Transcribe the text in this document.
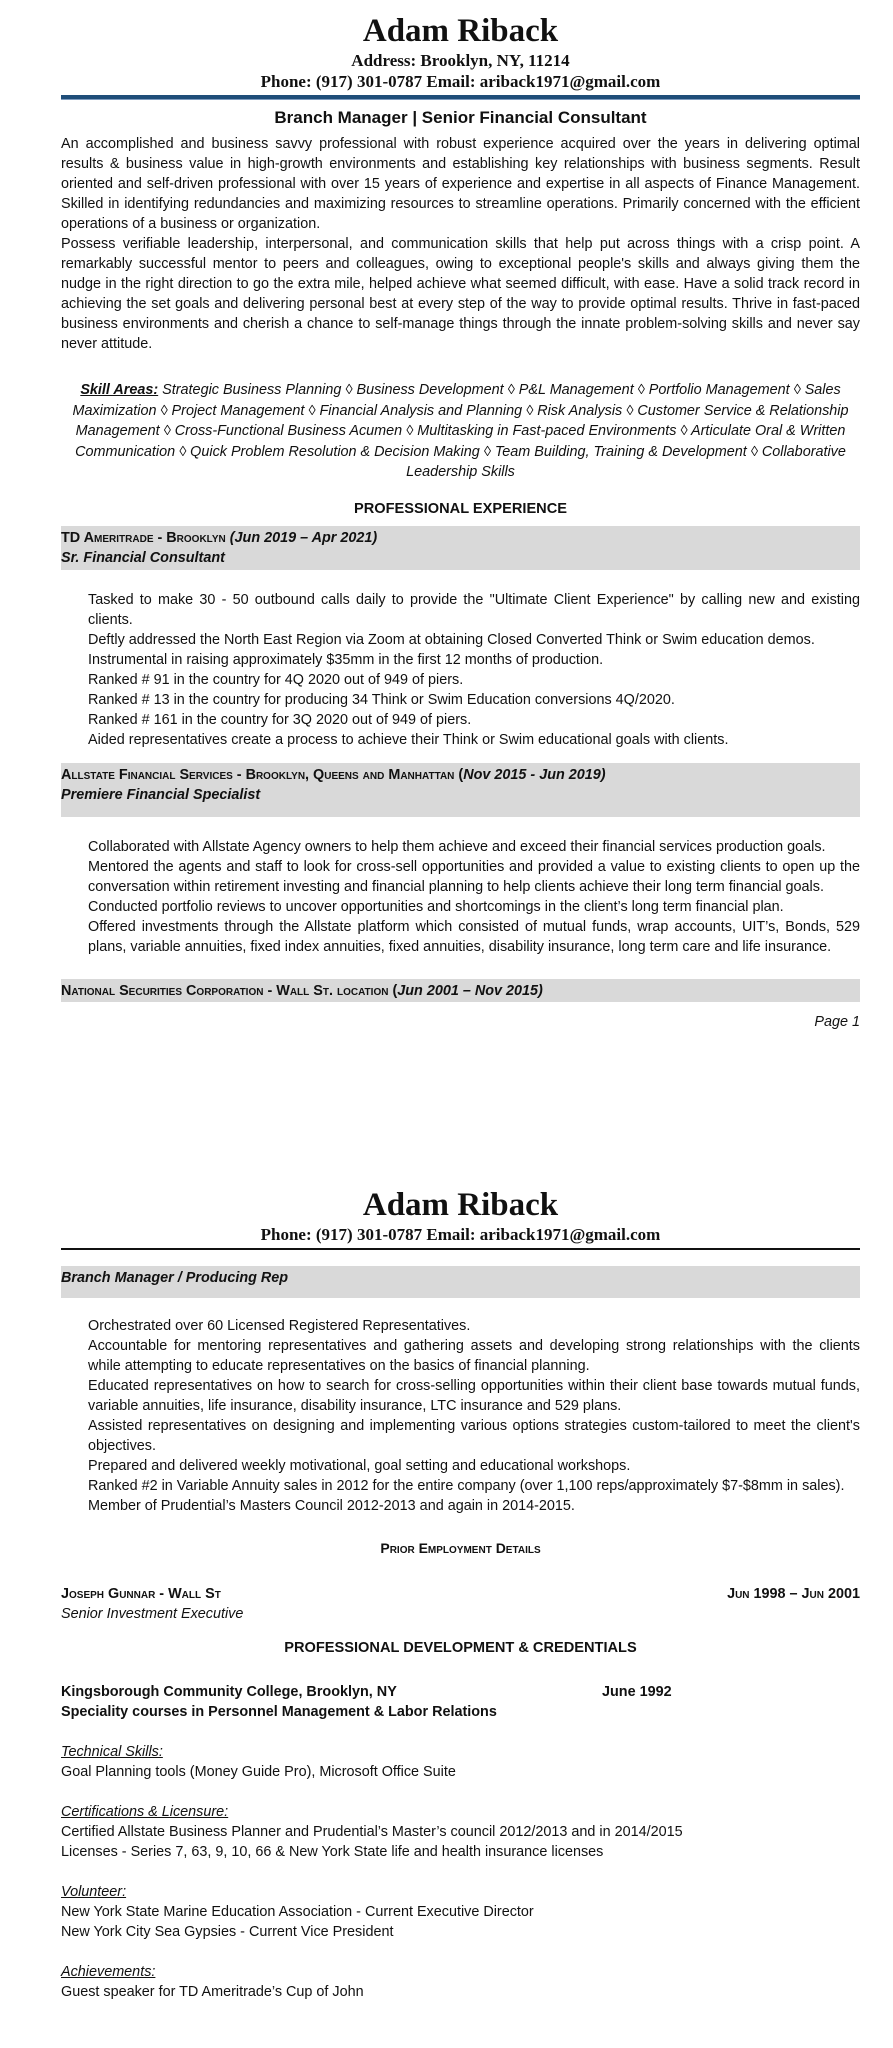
Adam Riback

Address: Brooklyn, NY, 11214

Phone: (917) 301-0787 Email: ariback1971@gmail.com

Branch Manager | Senior Financial Consultant

An accomplished and business savvy professional with robust experience acquired over the years in delivering optimal results & business value in high-growth environments and establishing key relationships with business segments. Result oriented and self-driven professional with over 15 years of experience and expertise in all aspects of Finance Management. Skilled in identifying redundancies and maximizing resources to streamline operations. Primarily concerned with the efficient operations of a business or organization.

Possess verifiable leadership, interpersonal, and communication skills that help put across things with a crisp point. A remarkably successful mentor to peers and colleagues, owing to exceptional people's skills and always giving them the nudge in the right direction to go the extra mile, helped achieve what seemed difficult, with ease. Have a solid track record in achieving the set goals and delivering personal best at every step of the way to provide optimal results. Thrive in fast-paced business environments and cherish a chance to self-manage things through the innate problem-solving skills and never say never attitude.

Skill Areas: Strategic Business Planning ◊ Business Development ◊ P&L Management ◊ Portfolio Management ◊ Sales Maximization ◊ Project Management ◊ Financial Analysis and Planning ◊ Risk Analysis ◊ Customer Service & Relationship Management ◊ Cross-Functional Business Acumen ◊ Multitasking in Fast-paced Environments ◊ Articulate Oral & Written Communication ◊ Quick Problem Resolution & Decision Making ◊ Team Building, Training & Development ◊ Collaborative Leadership Skills

PROFESSIONAL EXPERIENCE
TD Ameritrade - Brooklyn (Jun 2019 – Apr 2021)
Sr. Financial Consultant
Tasked to make 30 - 50 outbound calls daily to provide the "Ultimate Client Experience" by calling new and existing clients.
Deftly addressed the North East Region via Zoom at obtaining Closed Converted Think or Swim education demos.
Instrumental in raising approximately $35mm in the first 12 months of production.
Ranked # 91 in the country for 4Q 2020 out of 949 of piers.
Ranked # 13 in the country for producing 34 Think or Swim Education conversions 4Q/2020.
Ranked # 161 in the country for 3Q 2020 out of 949 of piers.
Aided representatives create a process to achieve their Think or Swim educational goals with clients.
Allstate Financial Services - Brooklyn, Queens and Manhattan (Nov 2015 - Jun 2019)
Premiere Financial Specialist
Collaborated with Allstate Agency owners to help them achieve and exceed their financial services production goals.
Mentored the agents and staff to look for cross-sell opportunities and provided a value to existing clients to open up the conversation within retirement investing and financial planning to help clients achieve their long term financial goals.
Conducted portfolio reviews to uncover opportunities and shortcomings in the client’s long term financial plan.
Offered investments through the Allstate platform which consisted of mutual funds, wrap accounts, UIT’s, Bonds, 529 plans, variable annuities, fixed index annuities, fixed annuities, disability insurance, long term care and life insurance.
National Securities Corporation - Wall St. location (Jun 2001 – Nov 2015)
Page 1
Adam Riback

Phone: (917) 301-0787 Email: ariback1971@gmail.com

Branch Manager / Producing Rep
Orchestrated over 60 Licensed Registered Representatives.
Accountable for mentoring representatives and gathering assets and developing strong relationships with the clients while attempting to educate representatives on the basics of financial planning.
Educated representatives on how to search for cross-selling opportunities within their client base towards mutual funds, variable annuities, life insurance, disability insurance, LTC insurance and 529 plans.
Assisted representatives on designing and implementing various options strategies custom-tailored to meet the client's objectives.
Prepared and delivered weekly motivational, goal setting and educational workshops.
Ranked #2 in Variable Annuity sales in 2012 for the entire company (over 1,100 reps/approximately $7-$8mm in sales).
Member of Prudential’s Masters Council 2012-2013 and again in 2014-2015.
Prior Employment Details
Joseph Gunnar - Wall St	Jun 1998 – Jun 2001
Senior Investment Executive
PROFESSIONAL DEVELOPMENT & CREDENTIALS
Kingsborough Community College, Brooklyn, NY	June 1992
Speciality courses in Personnel Management & Labor Relations
Technical Skills:
Goal Planning tools (Money Guide Pro), Microsoft Office Suite
Certifications & Licensure:
Certified Allstate Business Planner and Prudential’s Master’s council 2012/2013 and in 2014/2015
Licenses - Series 7, 63, 9, 10, 66 & New York State life and health insurance licenses
Volunteer:
New York State Marine Education Association - Current Executive Director
New York City Sea Gypsies - Current Vice President
Achievements:
Guest speaker for TD Ameritrade’s Cup of John
